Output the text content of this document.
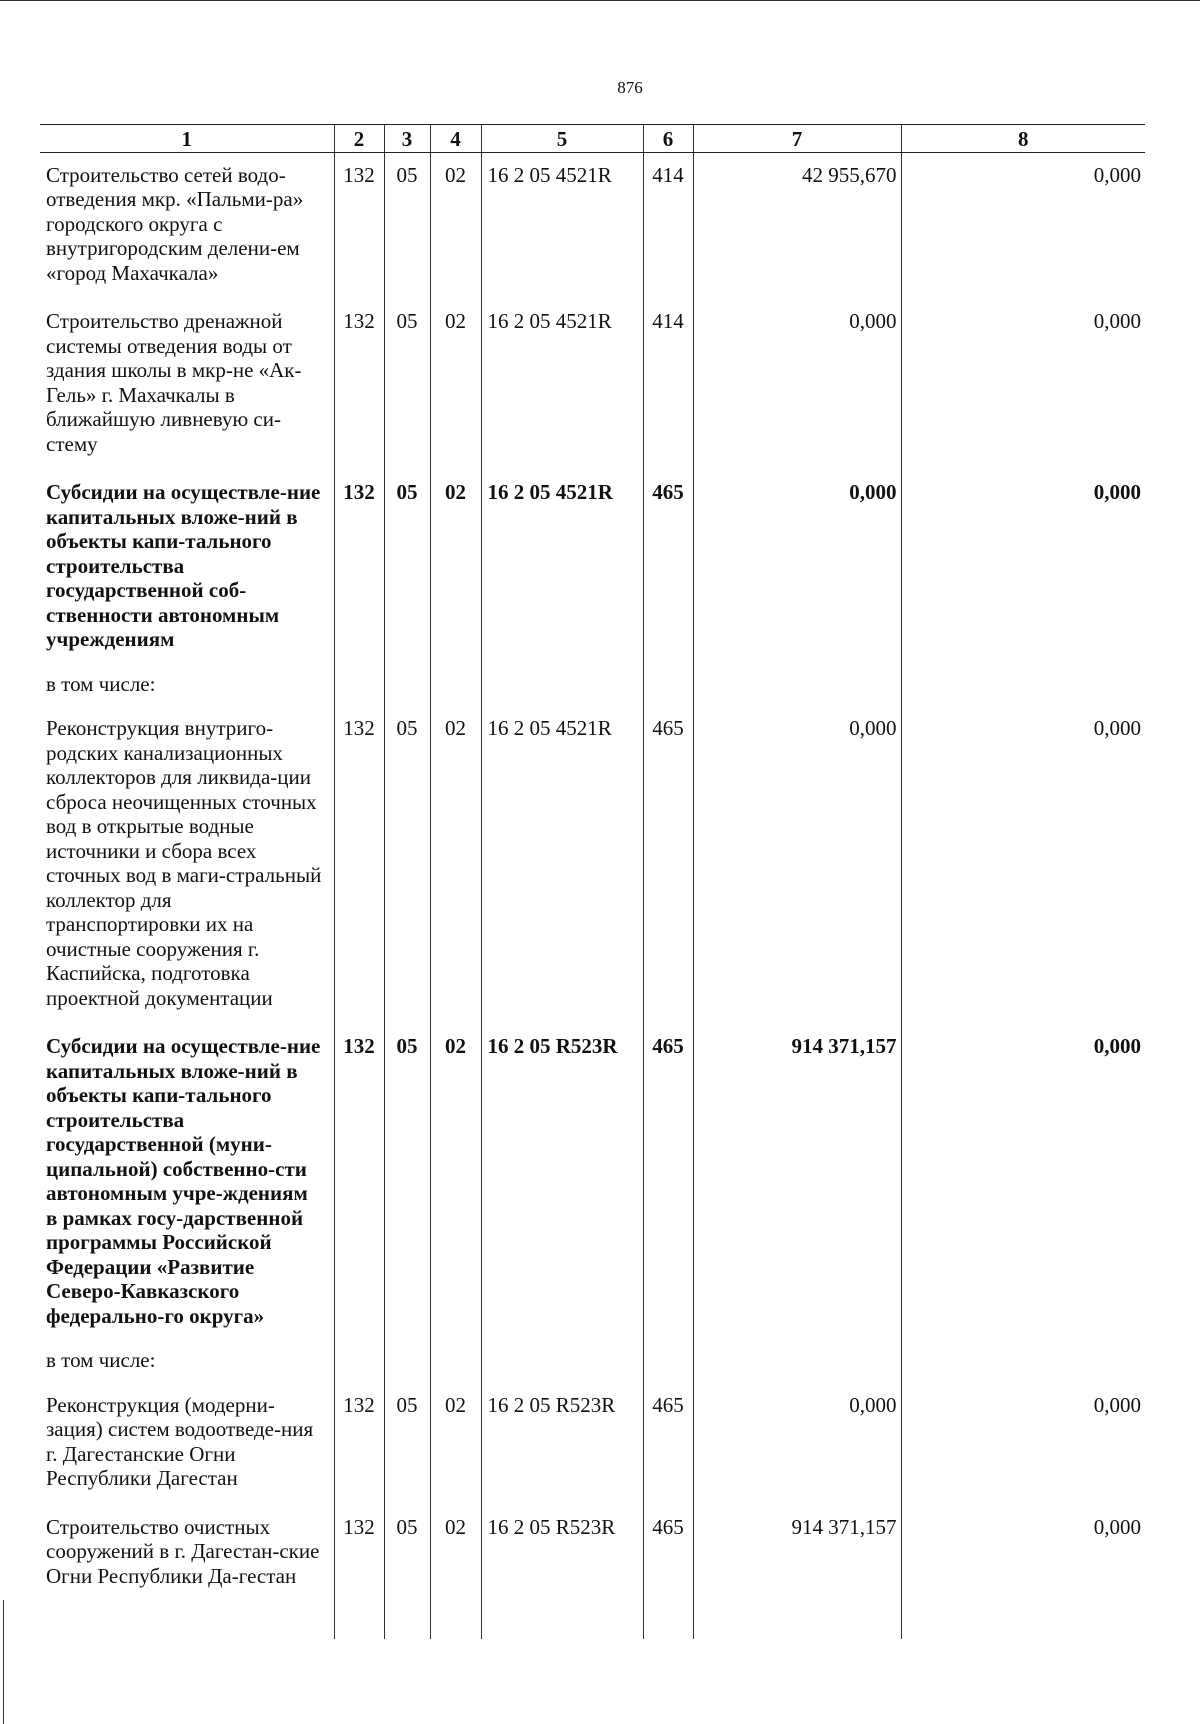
876
1	2	3	4	5	6	7	8
Строительство сетей водо-отведения мкр. «Пальми-ра» городского округа с внутригородским делени-ем «город Махачкала»	132	05	02	16 2 05 4521R	414	42 955,670	0,000
Строительство дренажной системы отведения воды от здания школы в мкр-не «Ак-Гель» г. Махачкалы в ближайшую ливневую си-стему	132	05	02	16 2 05 4521R	414	0,000	0,000
Субсидии на осуществле-ние капитальных вложе-ний в объекты капи-тального строительства государственной соб-ственности автономным учреждениям	132	05	02	16 2 05 4521R	465	0,000	0,000
в том числе:							
Реконструкция внутриго-родских канализационных коллекторов для ликвида-ции сброса неочищенных сточных вод в открытые водные источники и сбора всех сточных вод в маги-стральный коллектор для транспортировки их на очистные сооружения г. Каспийска, подготовка проектной документации	132	05	02	16 2 05 4521R	465	0,000	0,000
Субсидии на осуществле-ние капитальных вложе-ний в объекты капи-тального строительства государственной (муни-ципальной) собственно-сти автономным учре-ждениям в рамках госу-дарственной программы Российской Федерации «Развитие Северо-Кавказского федерально-го округа»	132	05	02	16 2 05 R523R	465	914 371,157	0,000
в том числе:							
Реконструкция (модерни-зация) систем водоотведе-ния г. Дагестанские Огни Республики Дагестан	132	05	02	16 2 05 R523R	465	0,000	0,000
Строительство очистных сооружений в г. Дагестан-ские Огни Республики Да-гестан	132	05	02	16 2 05 R523R	465	914 371,157	0,000
